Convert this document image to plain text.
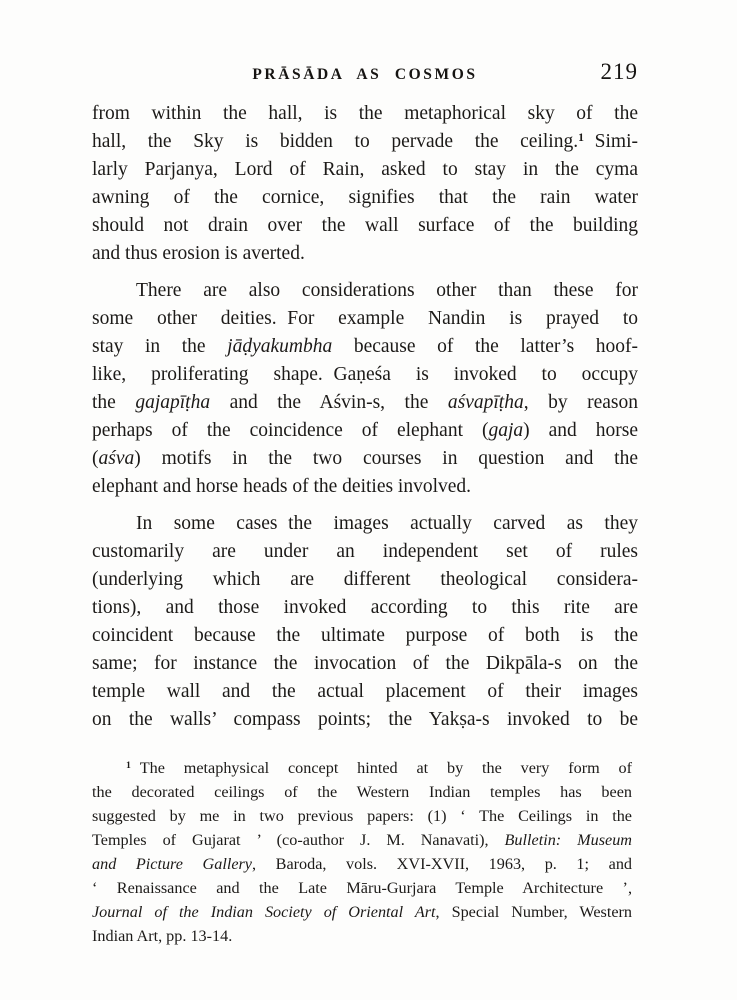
PRĀSĀDA AS COSMOS	219
from within the hall, is the metaphorical sky of the
hall, the Sky is bidden to pervade the ceiling.$^1$ Simi-
larly Parjanya, Lord of Rain, asked to stay in the cyma
awning of the cornice, signifies that the rain water
should not drain over the wall surface of the building
and thus erosion is averted.
There are also considerations other than these for
some other deities. For example Nandin is prayed to
stay in the jāḍyakumbha because of the latter’s hoof-
like, proliferating shape. Gaṇeśa is invoked to occupy
the gajapīṭha and the Aśvin-s, the aśvapīṭha, by reason
perhaps of the coincidence of elephant (gaja) and horse
(aśva) motifs in the two courses in question and the
elephant and horse heads of the deities involved.
In some cases the images actually carved as they
customarily are under an independent set of rules
(underlying which are different theological considera-
tions), and those invoked according to this rite are
coincident because the ultimate purpose of both is the
same; for instance the invocation of the Dikpāla-s on the
temple wall and the actual placement of their images
on the walls’ compass points; the Yakṣa-s invoked to be
$^1$ The metaphysical concept hinted at by the very form of
the decorated ceilings of the Western Indian temples has been
suggested by me in two previous papers: (1) ‘ The Ceilings in the
Temples of Gujarat ’ (co-author J. M. Nanavati), Bulletin: Museum
and Picture Gallery, Baroda, vols. XVI-XVII, 1963, p. 1; and
‘ Renaissance and the Late Māru-Gurjara Temple Architecture ’,
Journal of the Indian Society of Oriental Art, Special Number, Western
Indian Art, pp. 13-14.
